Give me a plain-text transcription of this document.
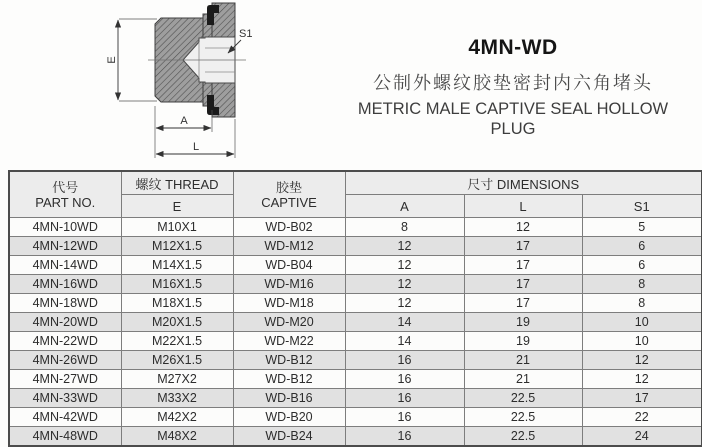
E
A
L
S1
4MN-WD
公制外螺纹胶垫密封内六角堵头
METRIC MALE CAPTIVE SEAL HOLLOW PLUG
代号
PART NO.
	螺纹 THREAD	胶垫
CAPTIVE
	尺寸 DIMENSIONS
	E		A	L	S1
4MN-10WD	M10X1	WD-B02	8	12	5
4MN-12WD	M12X1.5	WD-M12	12	17	6
4MN-14WD	M14X1.5	WD-B04	12	17	6
4MN-16WD	M16X1.5	WD-M16	12	17	8
4MN-18WD	M18X1.5	WD-M18	12	17	8
4MN-20WD	M20X1.5	WD-M20	14	19	10
4MN-22WD	M22X1.5	WD-M22	14	19	10
4MN-26WD	M26X1.5	WD-B12	16	21	12
4MN-27WD	M27X2	WD-B12	16	21	12
4MN-33WD	M33X2	WD-B16	16	22.5	17
4MN-42WD	M42X2	WD-B20	16	22.5	22
4MN-48WD	M48X2	WD-B24	16	22.5	24
